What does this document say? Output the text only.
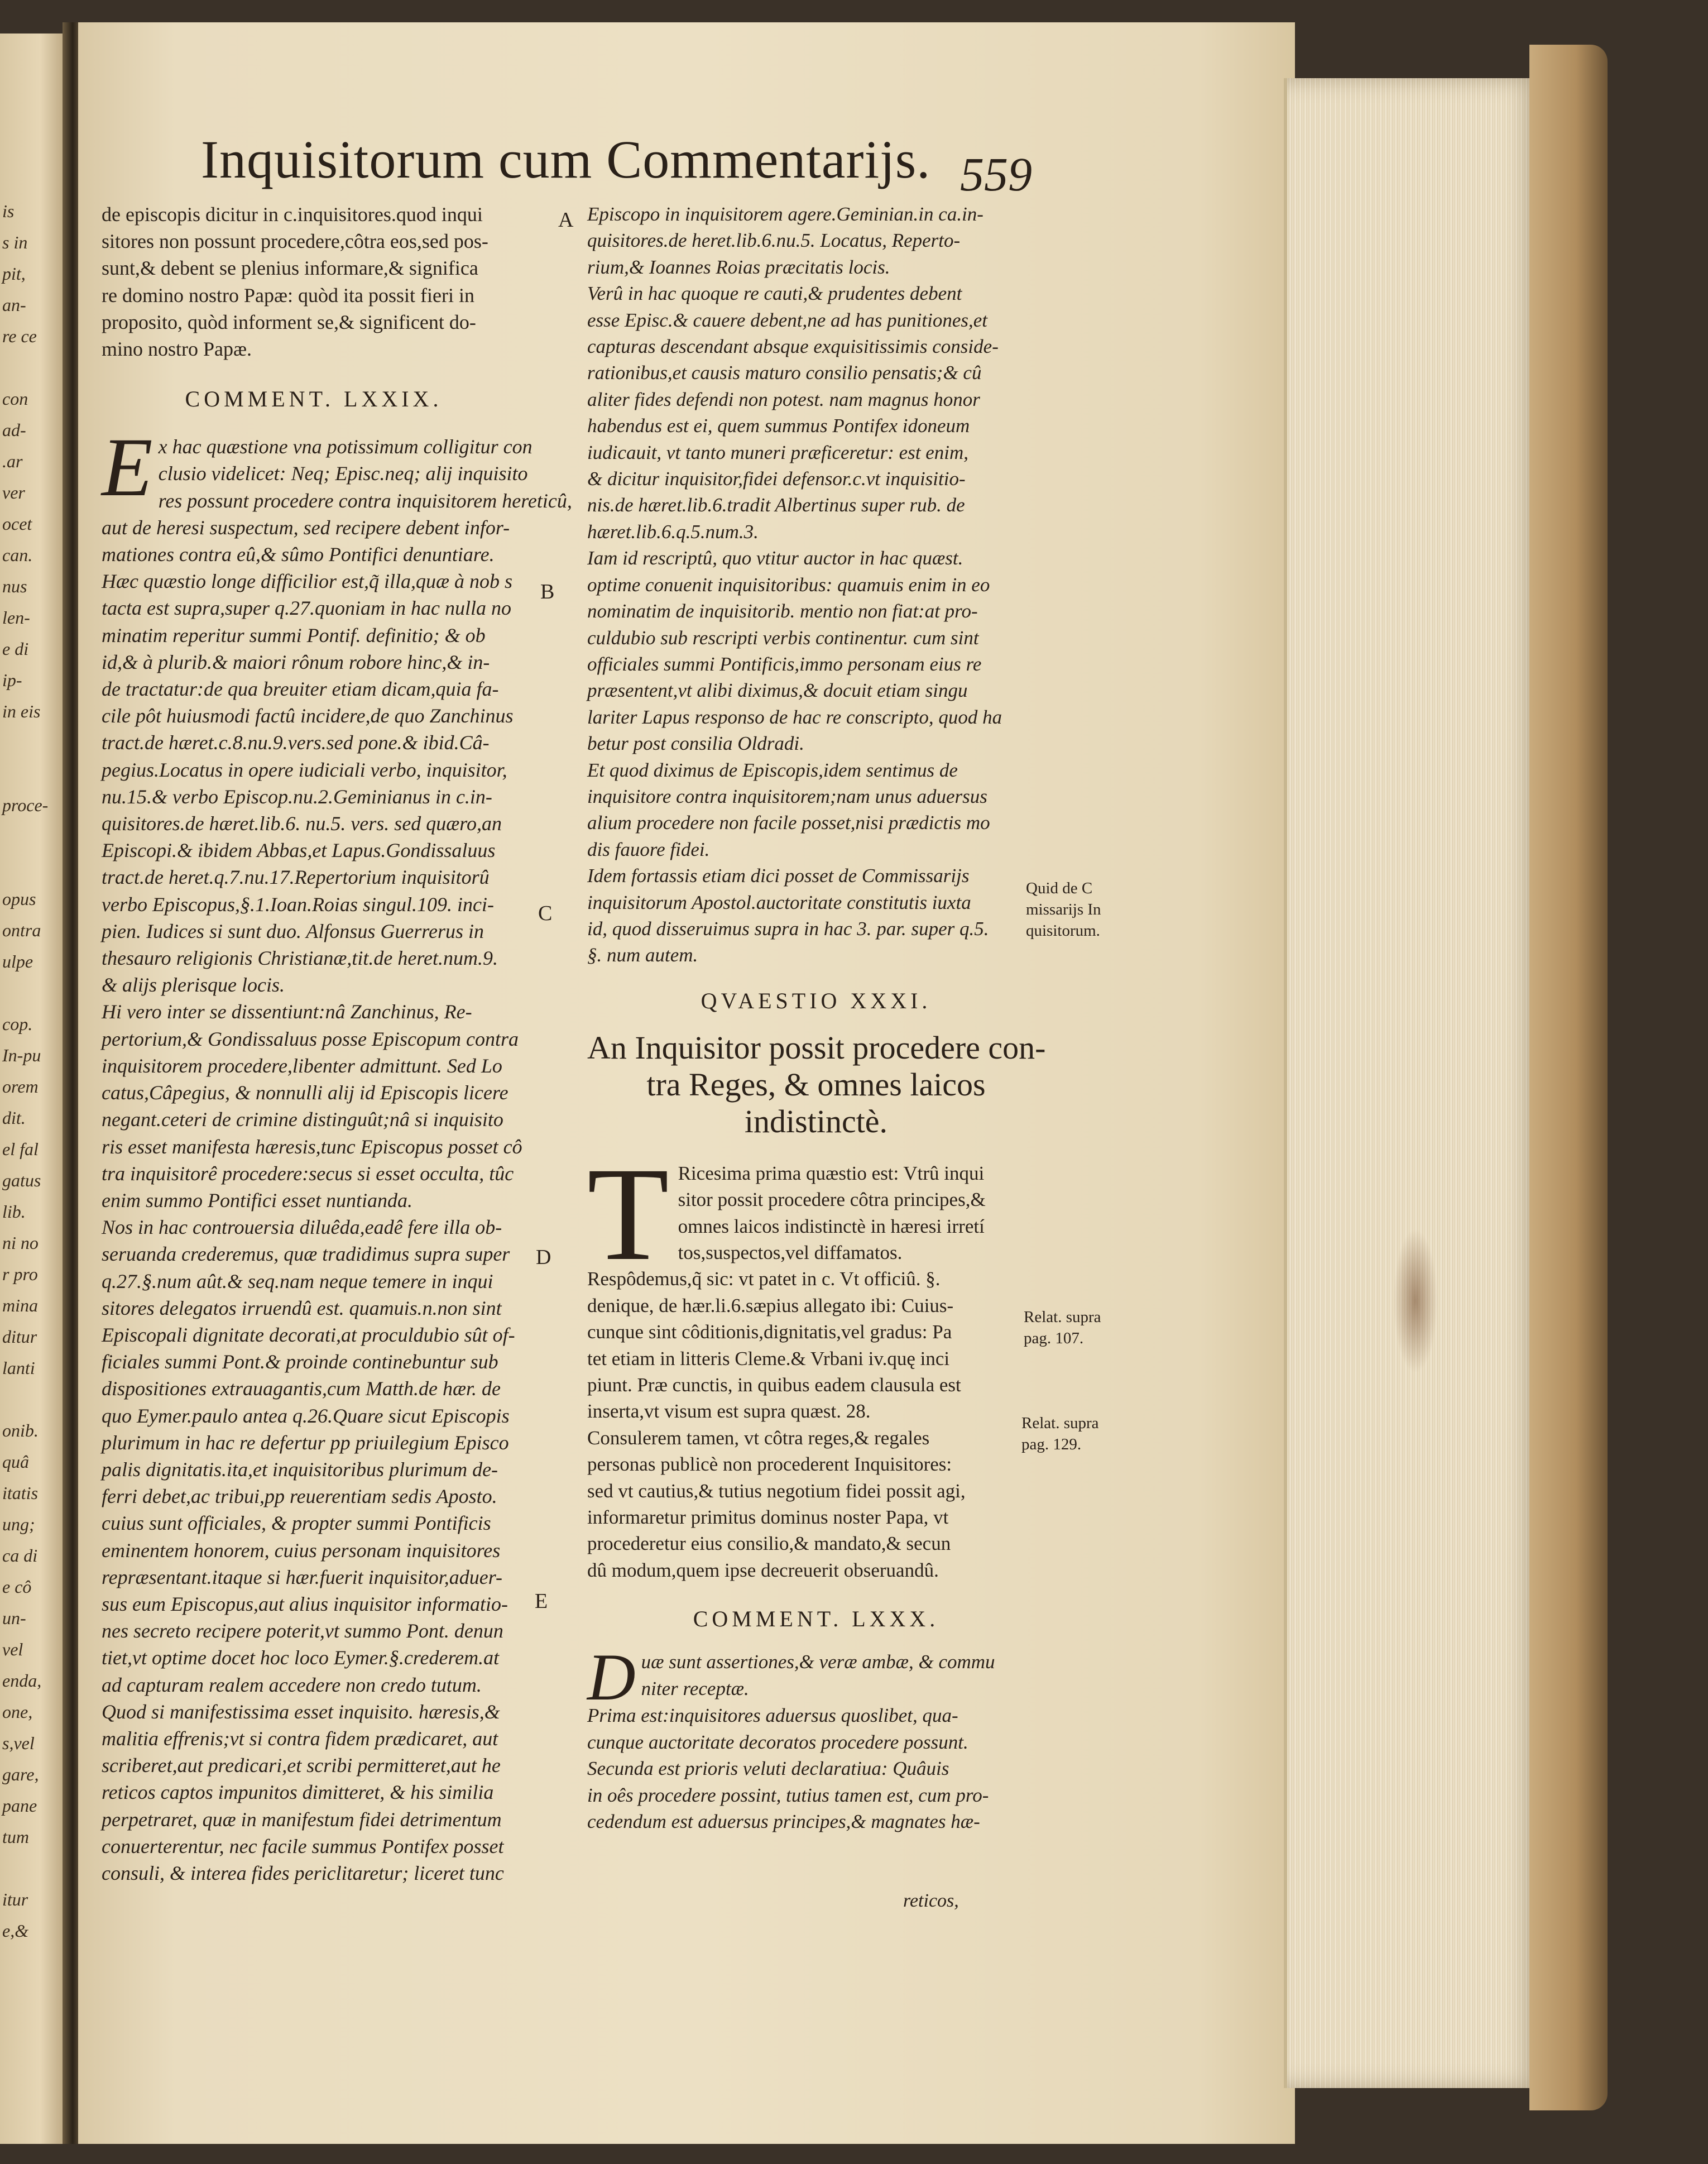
is
s in
pit,
an-
re ce
con
ad-
.ar
ver
ocet
can.
nus
len-
e di
ip-
in eis
proce-
opus
ontra
ulpe
cop.
In-pu
orem
dit.
el fal
gatus
lib.
ni no
r pro
mina
ditur
lanti
onib.
quâ
itatis
ung;
ca di
e cô
un-
vel
enda,
one,
s,vel
gare,
pane
tum
itur
e,&
Inquisitorum cum Commentarijs. 559
de episcopis dicitur in c.inquisitores.quod inqui
sitores non possunt procedere,côtra eos,sed pos-
sunt,& debent se plenius informare,& significa
re domino nostro Papæ: quòd ita possit fieri in
proposito, quòd informent se,& significent do-
mino nostro Papæ.
COMMENT. LXXIX.
E x hac quæstione vna potissimum colligitur con
clusio videlicet: Neq; Episc.neq; alij inquisito
res possunt procedere contra inquisitorem hereticû,
aut de heresi suspectum, sed recipere debent infor-
mationes contra eû,& sûmo Pontifici denuntiare.
Hæc quæstio longe difficilior est,q̃ illa,quæ à nob s
tacta est supra,super q.27.quoniam in hac nulla no
minatim reperitur summi Pontif. definitio; & ob
id,& à plurib.& maiori rônum robore hinc,& in-
de tractatur:de qua breuiter etiam dicam,quia fa-
cile pôt huiusmodi factû incidere,de quo Zanchinus
tract.de hæret.c.8.nu.9.vers.sed pone.& ibid.Câ-
pegius.Locatus in opere iudiciali verbo, inquisitor,
nu.15.& verbo Episcop.nu.2.Geminianus in c.in-
quisitores.de hæret.lib.6. nu.5. vers. sed quæro,an
Episcopi.& ibidem Abbas,et Lapus.Gondissaluus
tract.de heret.q.7.nu.17.Repertorium inquisitorû
verbo Episcopus,§.1.Ioan.Roias singul.109. inci-
pien. Iudices si sunt duo. Alfonsus Guerrerus in
thesauro religionis Christianæ,tit.de heret.num.9.
& alijs plerisque locis.
Hi vero inter se dissentiunt:nâ Zanchinus, Re-
pertorium,& Gondissaluus posse Episcopum contra
inquisitorem procedere,libenter admittunt. Sed Lo
catus,Câpegius, & nonnulli alij id Episcopis licere
negant.ceteri de crimine distinguût;nâ si inquisito
ris esset manifesta hæresis,tunc Episcopus posset cô
tra inquisitorê procedere:secus si esset occulta, tûc
enim summo Pontifici esset nuntianda.
Nos in hac controuersia diluêda,eadê fere illa ob-
seruanda crederemus, quæ tradidimus supra super
q.27.§.num aût.& seq.nam neque temere in inqui
sitores delegatos irruendû est. quamuis.n.non sint
Episcopali dignitate decorati,at proculdubio sût of-
ficiales summi Pont.& proinde continebuntur sub
dispositiones extrauagantis,cum Matth.de hær. de
quo Eymer.paulo antea q.26.Quare sicut Episcopis
plurimum in hac re defertur pp priuilegium Episco
palis dignitatis.ita,et inquisitoribus plurimum de-
ferri debet,ac tribui,pp reuerentiam sedis Aposto.
cuius sunt officiales, & propter summi Pontificis
eminentem honorem, cuius personam inquisitores
repræsentant.itaque si hær.fuerit inquisitor,aduer-
sus eum Episcopus,aut alius inquisitor informatio-
nes secreto recipere poterit,vt summo Pont. denun
tiet,vt optime docet hoc loco Eymer.§.crederem.at
ad capturam realem accedere non credo tutum.
Quod si manifestissima esset inquisito. hæresis,&
malitia effrenis;vt si contra fidem prædicaret, aut
scriberet,aut predicari,et scribi permitteret,aut he
reticos captos impunitos dimitteret, & his similia
perpetraret, quæ in manifestum fidei detrimentum
conuerterentur, nec facile summus Pontifex posset
consuli, & interea fides periclitaretur; liceret tunc
Episcopo in inquisitorem agere.Geminian.in ca.in-
quisitores.de heret.lib.6.nu.5. Locatus, Reperto-
rium,& Ioannes Roias præcitatis locis.
Verû in hac quoque re cauti,& prudentes debent
esse Episc.& cauere debent,ne ad has punitiones,et
capturas descendant absque exquisitissimis conside-
rationibus,et causis maturo consilio pensatis;& cû
aliter fides defendi non potest. nam magnus honor
habendus est ei, quem summus Pontifex idoneum
iudicauit, vt tanto muneri præficeretur: est enim,
& dicitur inquisitor,fidei defensor.c.vt inquisitio-
nis.de hæret.lib.6.tradit Albertinus super rub. de
hæret.lib.6.q.5.num.3.
Iam id rescriptû, quo vtitur auctor in hac quæst.
optime conuenit inquisitoribus: quamuis enim in eo
nominatim de inquisitorib. mentio non fiat:at pro-
culdubio sub rescripti verbis continentur. cum sint
officiales summi Pontificis,immo personam eius re
præsentent,vt alibi diximus,& docuit etiam singu
lariter Lapus responso de hac re conscripto, quod ha
betur post consilia Oldradi.
Et quod diximus de Episcopis,idem sentimus de
inquisitore contra inquisitorem;nam unus aduersus
alium procedere non facile posset,nisi prædictis mo
dis fauore fidei.
Idem fortassis etiam dici posset de Commissarijs
inquisitorum Apostol.auctoritate constitutis iuxta
id, quod disseruimus supra in hac 3. par. super q.5.
§. num autem.
QVAESTIO XXXI.
An Inquisitor possit procedere con-
tra Reges, & omnes laicos
indistinctè.
T Ricesima prima quæstio est: Vtrû inqui
sitor possit procedere côtra principes,&
omnes laicos indistinctè in hæresi irretí
tos,suspectos,vel diffamatos.
Respôdemus,q̃ sic: vt patet in c. Vt officiû. §.
denique, de hær.li.6.sæpius allegato ibi: Cuius-
cunque sint côditionis,dignitatis,vel gradus: Pa
tet etiam in litteris Cleme.& Vrbani iv.quę inci
piunt. Præ cunctis, in quibus eadem clausula est
inserta,vt visum est supra quæst. 28.
Consulerem tamen, vt côtra reges,& regales
personas publicè non procederent Inquisitores:
sed vt cautius,& tutius negotium fidei possit agi,
informaretur primitus dominus noster Papa, vt
procederetur eius consilio,& mandato,& secun
dû modum,quem ipse decreuerit obseruandû.
COMMENT. LXXX.
D uæ sunt assertiones,& veræ ambæ, & commu
niter receptæ.
Prima est:inquisitores aduersus quoslibet, qua-
cunque auctoritate decoratos procedere possunt.
Secunda est prioris veluti declaratiua: Quâuis
in oês procedere possint, tutius tamen est, cum pro-
cedendum est aduersus principes,& magnates hæ-
reticos,
A
B
C
D
E
Quid de C
missarijs In
quisitorum.
Relat. supra
pag. 107.
Relat. supra
pag. 129.
